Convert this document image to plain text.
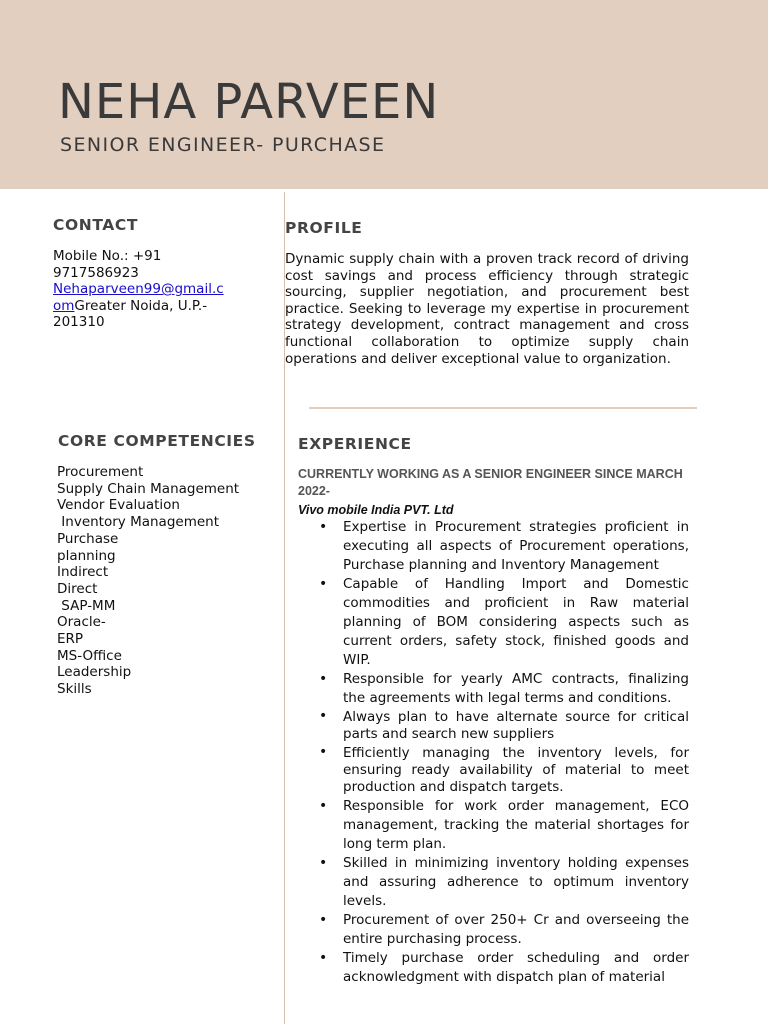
NEHA PARVEEN
SENIOR ENGINEER- PURCHASE
CONTACT
Mobile No.: +91
9717586923
Nehaparveen99@gmail.c
omGreater Noida, U.P.-
201310
CORE COMPETENCIES
Procurement
Supply Chain Management
Vendor Evaluation
Inventory Management
Purchase
planning
Indirect
Direct
SAP-MM
Oracle-
ERP
MS-Office
Leadership
Skills
PROFILE
Dynamic supply chain with a proven track record of driving cost savings and process efficiency through strategic sourcing, supplier negotiation, and procurement best practice. Seeking to leverage my expertise in procurement strategy development, contract management and cross functional collaboration to optimize supply chain operations and deliver exceptional value to organization.
EXPERIENCE
CURRENTLY WORKING AS A SENIOR ENGINEER SINCE MARCH 2022-
Vivo mobile India PVT. Ltd
• Expertise in Procurement strategies proficient in executing all aspects of Procurement operations, Purchase planning and Inventory Management
• Capable of Handling Import and Domestic commodities and proficient in Raw material planning of BOM considering aspects such as current orders, safety stock, finished goods and WIP.
• Responsible for yearly AMC contracts, finalizing the agreements with legal terms and conditions.
• Always plan to have alternate source for critical parts and search new suppliers
• Efficiently managing the inventory levels, for ensuring ready availability of material to meet production and dispatch targets.
• Responsible for work order management, ECO management, tracking the material shortages for long term plan.
• Skilled in minimizing inventory holding expenses and assuring adherence to optimum inventory levels.
• Procurement of over 250+ Cr and overseeing the entire purchasing process.
• Timely purchase order scheduling and order acknowledgment with dispatch plan of material
